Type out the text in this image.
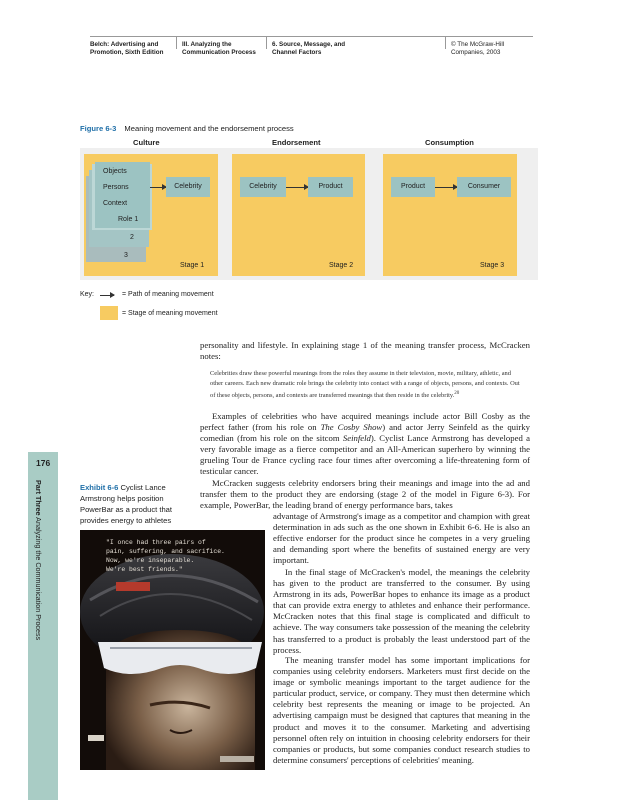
Belch: Advertising and
Promotion, Sixth Edition
III. Analyzing the
Communication Process
6. Source, Message, and
Channel Factors
© The McGraw-Hill
Companies, 2003
Figure 6-3 Meaning movement and the endorsement process
Culture	Endorsement	Consumption
Objects
Persons
Context
Role 1
2
3
Celebrity	Celebrity	Product	Product	Consumer
Stage 1	Stage 2	Stage 3
Key:	= Path of meaning movement
= Stage of meaning movement
176
Part Three Analyzing the Communication Process

personality and lifestyle. In explaining stage 1 of the meaning transfer process, McCracken notes:

Celebrities draw these powerful meanings from the roles they assume in their television, movie, military, athletic, and other careers. Each new dramatic role brings the celebrity into contact with a range of objects, persons, and contexts. Out of these objects, persons, and contexts are transferred meanings that then reside in the celebrity.$^{20}$

Examples of celebrities who have acquired meanings include actor Bill Cosby as the perfect father (from his role on The Cosby Show) and actor Jerry Seinfeld as the quirky comedian (from his role on the sitcom Seinfeld). Cyclist Lance Armstrong has developed a very favorable image as a fierce competitor and an All-American superhero by winning the grueling Tour de France cycling race four times after overcoming a life-threatening form of testicular cancer.

McCracken suggests celebrity endorsers bring their meanings and image into the ad and transfer them to the product they are endorsing (stage 2 of the model in Figure 6-3). For example, PowerBar, the leading brand of energy performance bars, takes

advantage of Armstrong's image as a competitor and champion with great determination in ads such as the one shown in Exhibit 6-6. He is also an effective endorser for the product since he competes in a very grueling and demanding sport where the benefits of sustained energy are very important.

In the final stage of McCracken's model, the meanings the celebrity has given to the product are transferred to the consumer. By using Armstrong in its ads, PowerBar hopes to enhance its image as a product that can provide extra energy to athletes and enhance their performance. McCracken notes that this final stage is complicated and difficult to achieve. The way consumers take possession of the meaning the celebrity has transferred to a product is probably the least understood part of the process.

The meaning transfer model has some important implications for companies using celebrity endorsers. Marketers must first decide on the image or symbolic meanings important to the target audience for the particular product, service, or company. They must then determine which celebrity best represents the meaning or image to be projected. An advertising campaign must be designed that captures that meaning in the product and moves it to the consumer. Marketing and advertising personnel often rely on intuition in choosing celebrity endorsers for their companies or products, but some companies conduct research studies to determine consumers' perceptions of celebrities' meaning.

Exhibit 6-6 Cyclist Lance Armstrong helps position PowerBar as a product that provides energy to athletes
"I once had three pairs of
pain, suffering, and sacrifice.
Now, we're inseparable.
We're best friends."
